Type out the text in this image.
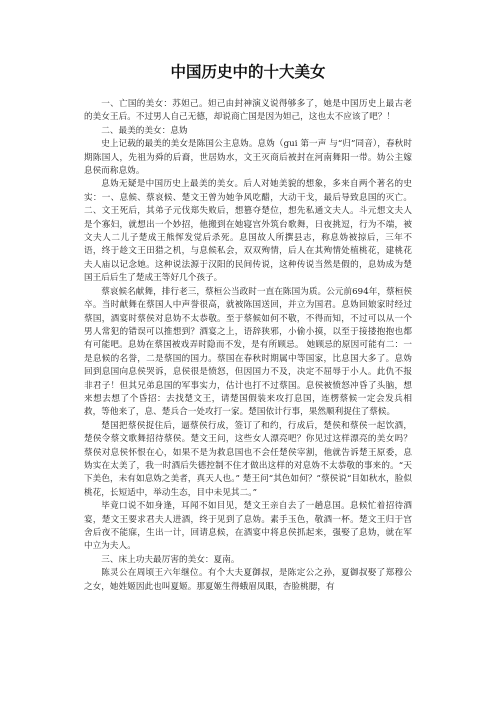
中国历史中的十大美女

一、亡国的美女：苏妲己。妲己由封神演义说得够多了，她是中国历史上最古老的美女王后。不过男人自己无德，却说商亡国是因为妲己，这也太不应该了吧？！

二、最美的美女：息妫

史上记载的最美的美女是陈国公主息妫。息妫（gui 第一声 与“归”同音），春秋时期陈国人，先祖为舜的后裔，世居妫水，文王灭商后被封在河南舞阳一带。妫公主嫁息侯而称息妫。

息妫无疑是中国历史上最美的美女。后人对她美貌的想象，多来自两个著名的史实：一、息候、蔡哀候、楚文王曾为她争风吃醋，大动干戈，最后导致息国的灭亡。二、文王死后，其弟子元伐郑失败后，想篡夺楚位，想先私通文夫人。斗元想文夫人是个寡妇，就想出一个妙招，他搬到在她寝宫外筑台歌舞，日夜挑逗，行为不端，被文夫人二儿子楚成王熊恽发觉后杀死。息国故人所撰县志，称息妫被掠后，三年不语，终于趁文王田猎之机，与息候私会，双双殉情，后人在其殉情处植桃花，建桃花夫人庙以记念她。这种说法源于汉阳的民间传说，这种传说当然是假的，息妫成为楚国王后后生了楚成王等好几个孩子。

蔡哀候名献舞，排行老三，蔡桓公当政时一直在陈国为质。公元前694年，蔡桓侯卒。当时献舞在蔡国人中声誉很高，就被陈国送回，并立为国君。息妫回娘家时经过蔡国，酒宴时蔡侯对息妫不太恭敬。至于蔡候如何不敬，不得而知，不过可以从一个男人常犯的错误可以推想到？酒宴之上，语辞狭邪，小偷小摸，以至于接搂抱抱也都有可能吧。息妫在蔡国被戏弄时隐而不发，是有所顾忌。 她顾忌的原因可能有二：一是息候的名誉，二是蔡国的国力。蔡国在春秋时期属中等国家，比息国大多了。息妫回到息国向息侯哭诉，息侯很是愤怒，但因国力不及，决定不屈辱于小人。此仇不报非君子！但其兄弟息国的军事实力，估计也打不过蔡国。息侯被愤怒冲昏了头脑，想来想去想了个昏招：去找楚文王，请楚国假装来攻打息国，连楞蔡候一定会发兵相救，等他来了，息、楚兵合一处攻打一家。楚国依计行事，果然顺利捉住了蔡候。

楚国把蔡侯捉住后，逼蔡侯行成，签订了和约，行成后，楚侯和蔡侯一起饮酒，楚侯令蔡文歌舞招待蔡侯。楚文王问，这些女人漂亮吧？你见过这样漂亮的美女吗？蔡侯对息侯怀恨在心，如果不是为救息国也不会任楚侯宰割，他就告诉楚王原委，息妫实在太美了，我一时酒后失德控制不住才做出这样的对息妫不太恭敬的事来的。“天下美色，未有如息妫之美者，真天人也。” 楚王问“其色如何？”蔡侯说“目如秋水，脸似桃花，长短适中，举动生态，目中未见其二。”

毕竟口说不如身逢，耳闻不如目见，楚文王亲自去了一趟息国。息候忙着招待酒宴，楚文王要求君夫人进酒，终于见到了息妫。素手玉色，敬酒一杯。楚文王归于宫舍后夜不能寐，生出一计，回请息候，在酒宴中将息侯抓起来，强娶了息妫，就在军中立为夫人。

三、床上功夫最厉害的美女：夏南。

陈灵公在周顷王六年继位。有个大夫夏御叔，是陈定公之孙，夏御叔娶了郑穆公之女，她姓姬因此也叫夏姬。那夏姬生得蛾眉凤眼，杏脸桃腮，有
